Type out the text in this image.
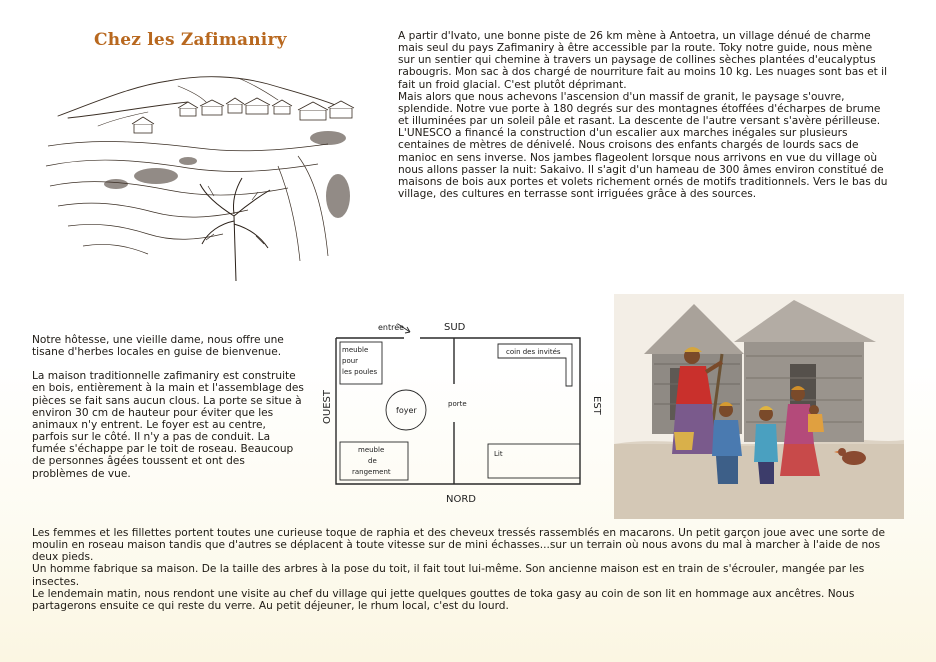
Chez les Zafimaniry	A partir d'Ivato, une bonne piste de 26 km mène à Antoetra, un village dénué de charme mais seul du pays Zafimaniry à être accessible par la route. Toky notre guide, nous mène sur un sentier qui chemine à travers un paysage de collines sèches plantées d'eucalyptus rabougris. Mon sac à dos chargé de nourriture fait au moins 10 kg. Les nuages sont bas et il fait un froid glacial. C'est plutôt déprimant.

Mais alors que nous achevons l'ascension d'un massif de granit, le paysage s'ouvre, splendide. Notre vue porte à 180 degrés sur des montagnes étoffées d'écharpes de brume et illuminées par un soleil pâle et rasant. La descente de l'autre versant s'avère périlleuse. L'UNESCO a financé la construction d'un escalier aux marches inégales sur plusieurs centaines de mètres de dénivelé. Nous croisons des enfants chargés de lourds sacs de manioc en sens inverse. Nos jambes flageolent lorsque nous arrivons en vue du village où nous allons passer la nuit: Sakaivo. Il s'agit d'un hameau de 300 âmes environ constitué de maisons de bois aux portes et volets richement ornés de motifs traditionnels. Vers le bas du village, des cultures en terrasse sont irriguées grâce à des sources.

Notre hôtesse, une vieille dame, nous offre une tisane d'herbes locales en guise de bienvenue.

La maison traditionnelle zafimaniry est construite en bois, entièrement à la main et l'assemblage des pièces se fait sans aucun clous. La porte se situe à environ 30 cm de hauteur pour éviter que les animaux n'y entrent. Le foyer est au centre, parfois sur le côté. Il n'y a pas de conduit. La fumée s'échappe par le toit de roseau. Beaucoup de personnes âgées toussent et ont des problèmes de vue.

entrée	SUD
NORD
OUEST	EST
meuble
pour
les poules
foyer
porte
coin des invités
meuble
de
rangement
Lit

Les femmes et les fillettes portent toutes une curieuse toque de raphia et des cheveux tressés rassemblés en macarons. Un petit garçon joue avec une sorte de moulin en roseau maison tandis que d'autres se déplacent à toute vitesse sur de mini échasses...sur un terrain où nous avons du mal à marcher à l'aide de nos deux pieds.

Un homme fabrique sa maison. De la taille des arbres à la pose du toit, il fait tout lui-même. Son ancienne maison est en train de s'écrouler, mangée par les insectes.

Le lendemain matin, nous rendont une visite au chef du village qui jette quelques gouttes de toka gasy au coin de son lit en hommage aux ancêtres. Nous partagerons ensuite ce qui reste du verre. Au petit déjeuner, le rhum local, c'est du lourd.
